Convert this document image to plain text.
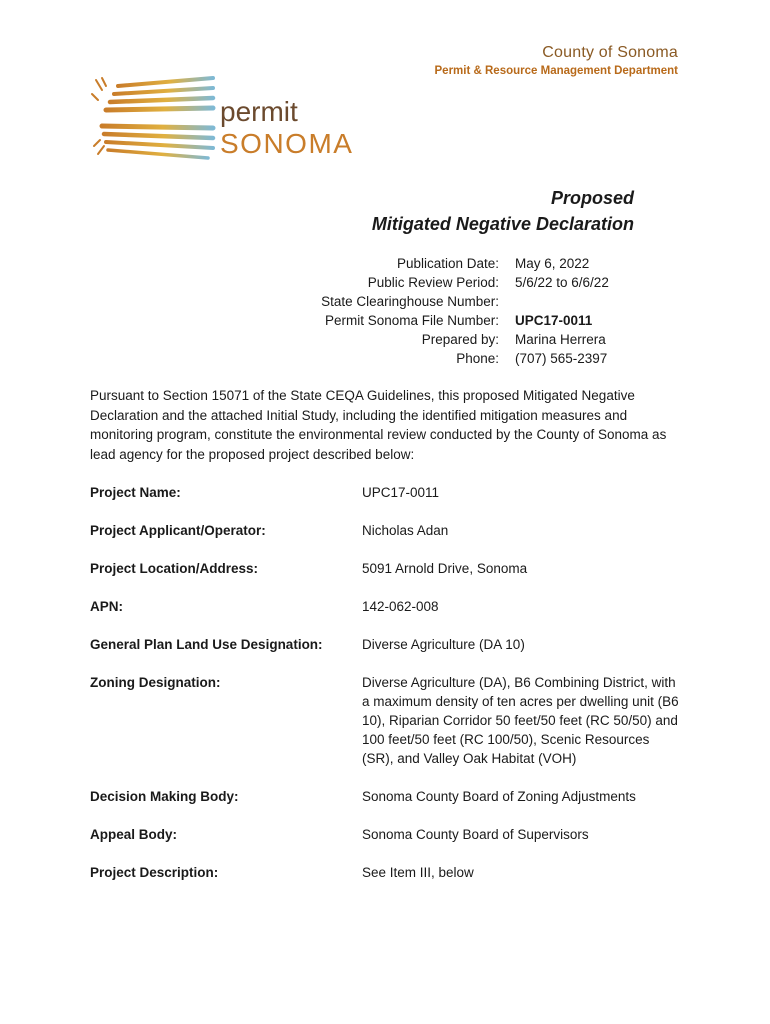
County of Sonoma
Permit & Resource Management Department
permit
SONOMA
Proposed
Mitigated Negative Declaration
Publication Date: May 6, 2022
Public Review Period: 5/6/22 to 6/6/22
State Clearinghouse Number:
Permit Sonoma File Number: UPC17-0011
Prepared by: Marina Herrera
Phone: (707) 565-2397
Pursuant to Section 15071 of the State CEQA Guidelines, this proposed Mitigated Negative Declaration and the attached Initial Study, including the identified mitigation measures and monitoring program, constitute the environmental review conducted by the County of Sonoma as lead agency for the proposed project described below:
Project Name:	UPC17-0011
Project Applicant/Operator:	Nicholas Adan
Project Location/Address:	5091 Arnold Drive, Sonoma
APN:	142-062-008
General Plan Land Use Designation:	Diverse Agriculture (DA 10)
Zoning Designation:	Diverse Agriculture (DA), B6 Combining District, with a maximum density of ten acres per dwelling unit (B6 10), Riparian Corridor 50 feet/50 feet (RC 50/50) and 100 feet/50 feet (RC 100/50), Scenic Resources (SR), and Valley Oak Habitat (VOH)
Decision Making Body:	Sonoma County Board of Zoning Adjustments
Appeal Body:	Sonoma County Board of Supervisors
Project Description:	See Item III, below
